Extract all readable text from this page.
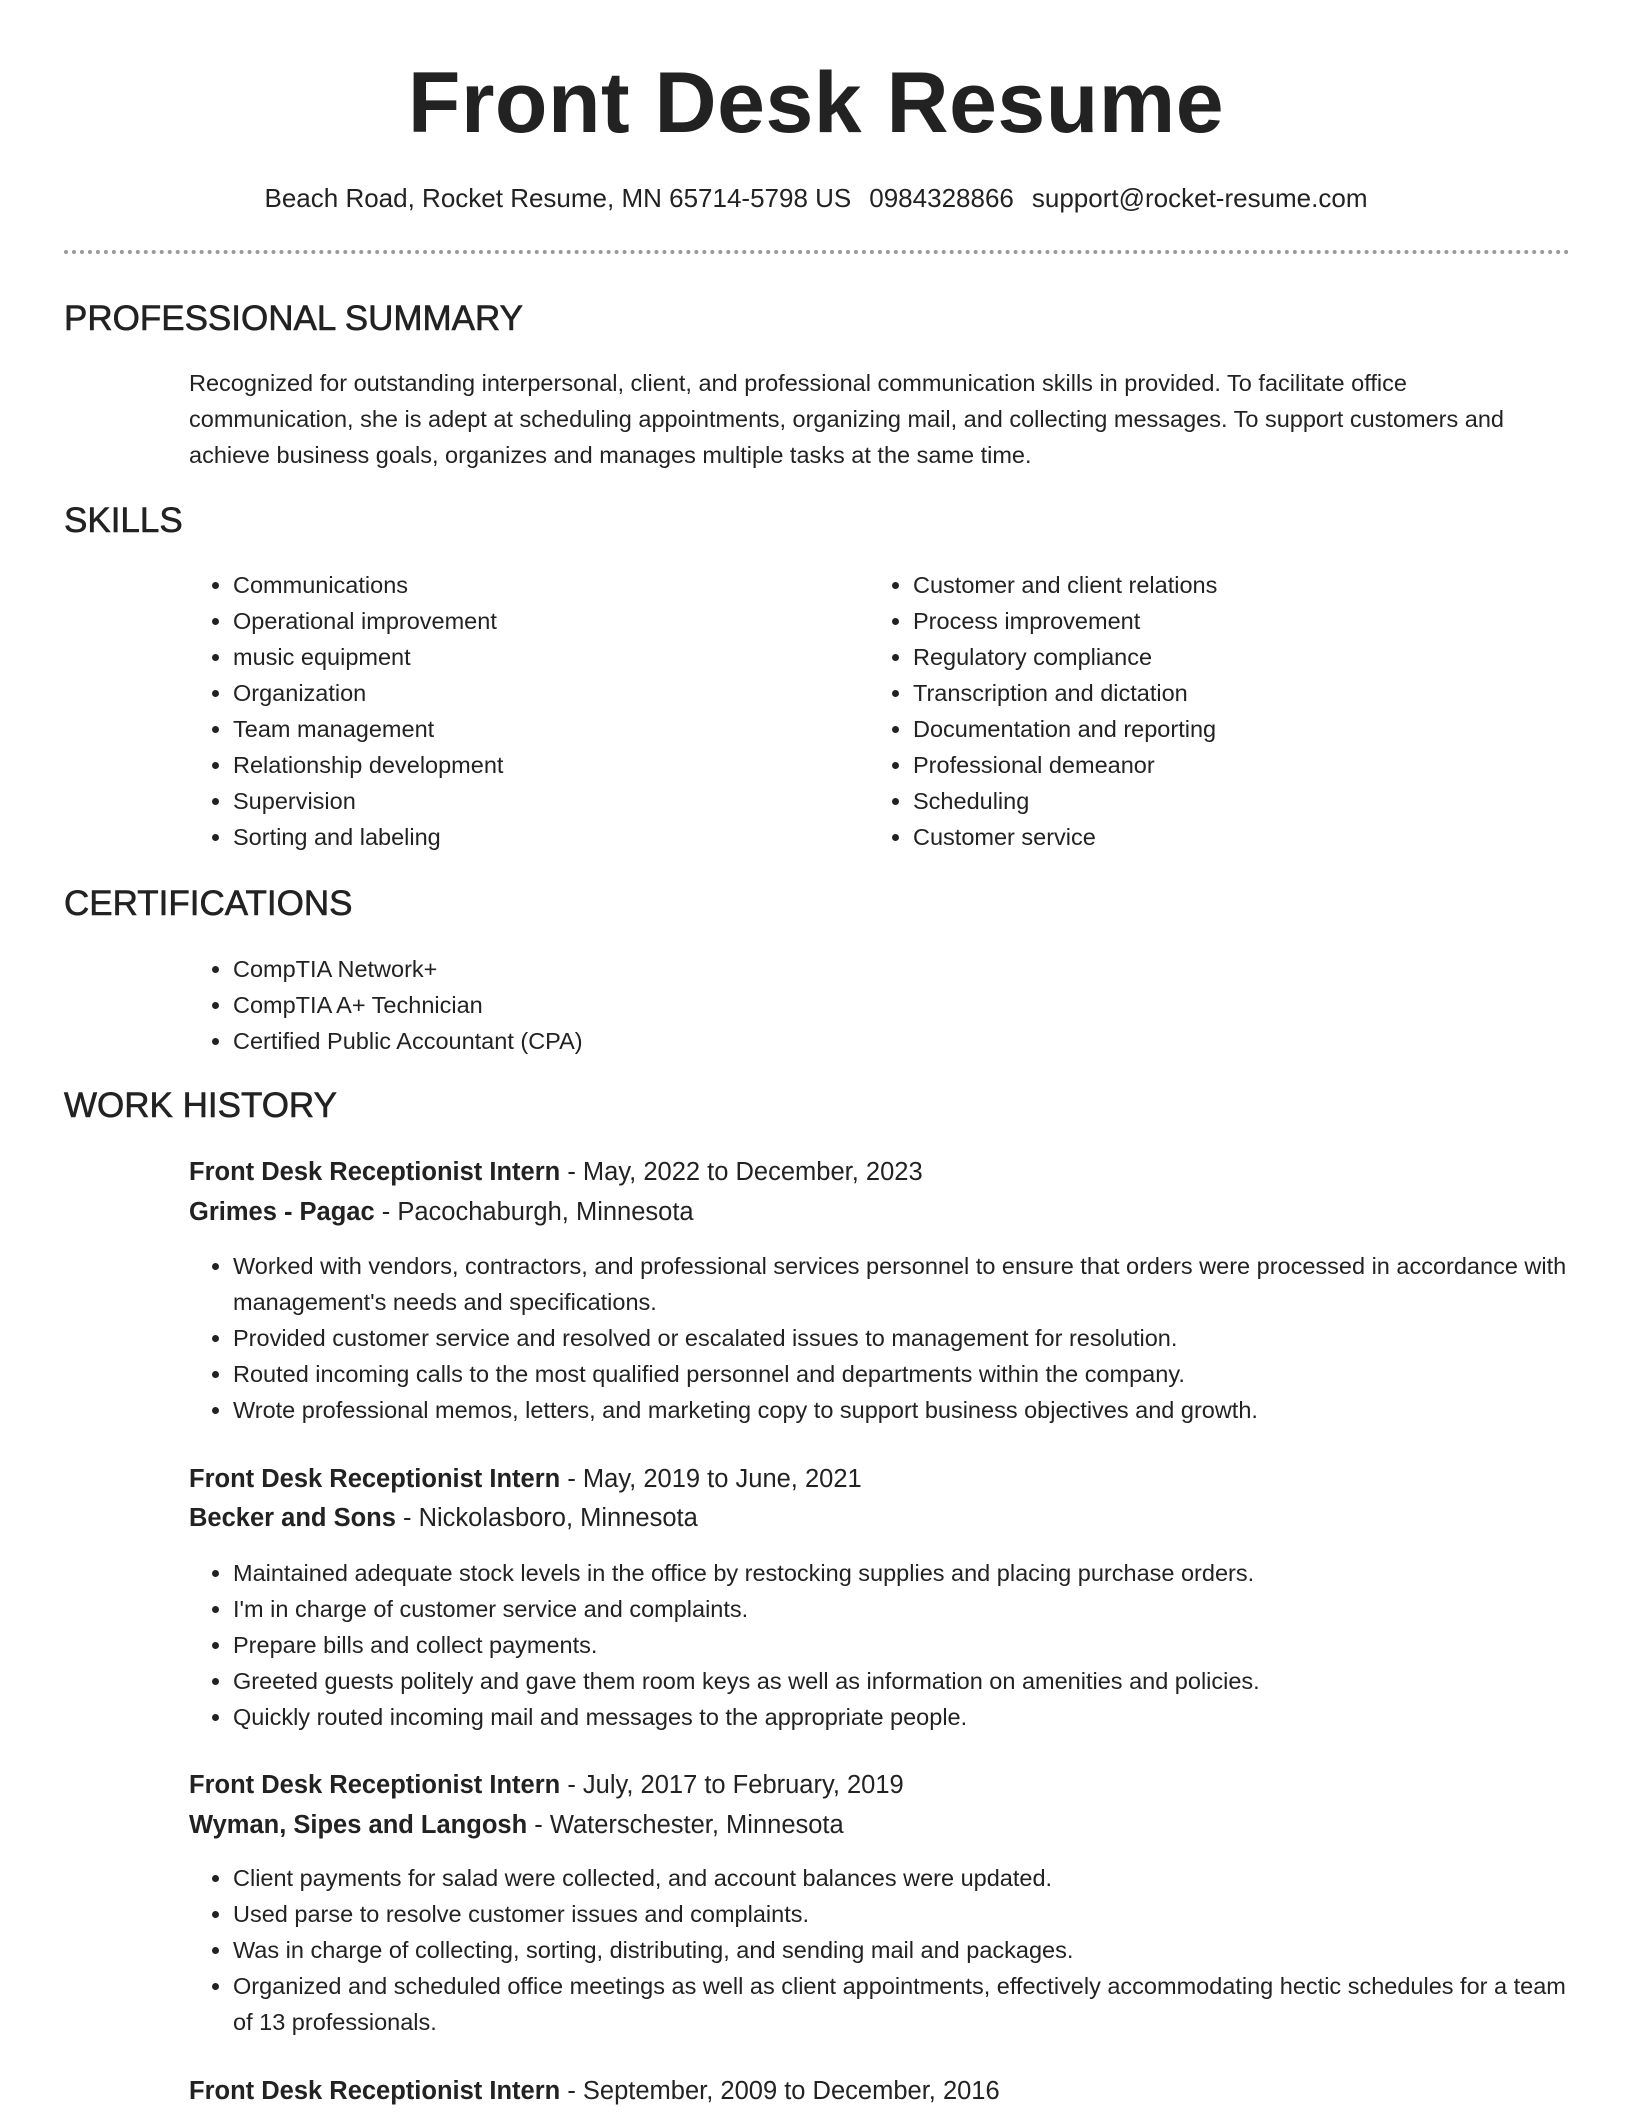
Front Desk Resume
Beach Road, Rocket Resume, MN 65714-5798 US 0984328866 support@rocket-resume.com
PROFESSIONAL SUMMARY
Recognized for outstanding interpersonal, client, and professional communication skills in provided. To facilitate office communication, she is adept at scheduling appointments, organizing mail, and collecting messages. To support customers and achieve business goals, organizes and manages multiple tasks at the same time.
SKILLS
• Communications
• Operational improvement
• music equipment
• Organization
• Team management
• Relationship development
• Supervision
• Sorting and labeling
• Customer and client relations
• Process improvement
• Regulatory compliance
• Transcription and dictation
• Documentation and reporting
• Professional demeanor
• Scheduling
• Customer service
CERTIFICATIONS
• CompTIA Network+
• CompTIA A+ Technician
• Certified Public Accountant (CPA)
WORK HISTORY
Front Desk Receptionist Intern - May, 2022 to December, 2023
Grimes - Pagac - Pacochaburgh, Minnesota
• Worked with vendors, contractors, and professional services personnel to ensure that orders were processed in accordance with management's needs and specifications.
• Provided customer service and resolved or escalated issues to management for resolution.
• Routed incoming calls to the most qualified personnel and departments within the company.
• Wrote professional memos, letters, and marketing copy to support business objectives and growth.
Front Desk Receptionist Intern - May, 2019 to June, 2021
Becker and Sons - Nickolasboro, Minnesota
• Maintained adequate stock levels in the office by restocking supplies and placing purchase orders.
• I'm in charge of customer service and complaints.
• Prepare bills and collect payments.
• Greeted guests politely and gave them room keys as well as information on amenities and policies.
• Quickly routed incoming mail and messages to the appropriate people.
Front Desk Receptionist Intern - July, 2017 to February, 2019
Wyman, Sipes and Langosh - Waterschester, Minnesota
• Client payments for salad were collected, and account balances were updated.
• Used parse to resolve customer issues and complaints.
• Was in charge of collecting, sorting, distributing, and sending mail and packages.
• Organized and scheduled office meetings as well as client appointments, effectively accommodating hectic schedules for a team of 13 professionals.
Front Desk Receptionist Intern - September, 2009 to December, 2016
